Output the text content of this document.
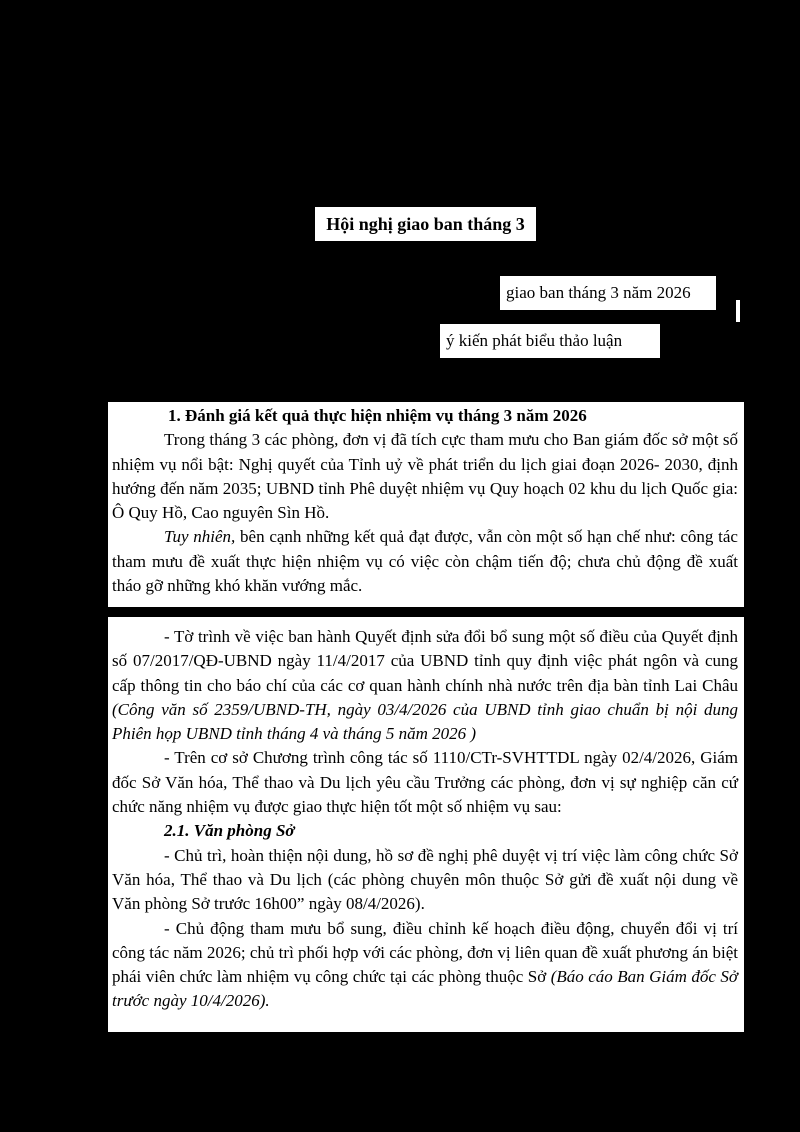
Hội nghị giao ban tháng 3
giao ban tháng 3 năm 2026
ý kiến phát biểu thảo luận

1. Đánh giá kết quả thực hiện nhiệm vụ tháng 3 năm 2026

Trong tháng 3 các phòng, đơn vị đã tích cực tham mưu cho Ban giám đốc sở một số nhiệm vụ nổi bật: Nghị quyết của Tỉnh uỷ về phát triển du lịch giai đoạn 2026- 2030, định hướng đến năm 2035; UBND tỉnh Phê duyệt nhiệm vụ Quy hoạch 02 khu du lịch Quốc gia: Ô Quy Hồ, Cao nguyên Sìn Hồ.

Tuy nhiên, bên cạnh những kết quả đạt được, vẫn còn một số hạn chế như: công tác tham mưu đề xuất thực hiện nhiệm vụ có việc còn chậm tiến độ; chưa chủ động đề xuất tháo gỡ những khó khăn vướng mắc.

- Tờ trình về việc ban hành Quyết định sửa đổi bổ sung một số điều của Quyết định số 07/2017/QĐ-UBND ngày 11/4/2017 của UBND tỉnh quy định việc phát ngôn và cung cấp thông tin cho báo chí của các cơ quan hành chính nhà nước trên địa bàn tỉnh Lai Châu (Công văn số 2359/UBND-TH, ngày 03/4/2026 của UBND tỉnh giao chuẩn bị nội dung Phiên họp UBND tỉnh tháng 4 và tháng 5 năm 2026 )

- Trên cơ sở Chương trình công tác số 1110/CTr-SVHTTDL ngày 02/4/2026, Giám đốc Sở Văn hóa, Thể thao và Du lịch yêu cầu Trưởng các phòng, đơn vị sự nghiệp căn cứ chức năng nhiệm vụ được giao thực hiện tốt một số nhiệm vụ sau:

2.1. Văn phòng Sở

- Chủ trì, hoàn thiện nội dung, hồ sơ đề nghị phê duyệt vị trí việc làm công chức Sở Văn hóa, Thể thao và Du lịch (các phòng chuyên môn thuộc Sở gửi đề xuất nội dung về Văn phòng Sở trước 16h00” ngày 08/4/2026).

- Chủ động tham mưu bổ sung, điều chỉnh kế hoạch điều động, chuyển đổi vị trí công tác năm 2026; chủ trì phối hợp với các phòng, đơn vị liên quan đề xuất phương án biệt phái viên chức làm nhiệm vụ công chức tại các phòng thuộc Sở (Báo cáo Ban Giám đốc Sở trước ngày 10/4/2026).
